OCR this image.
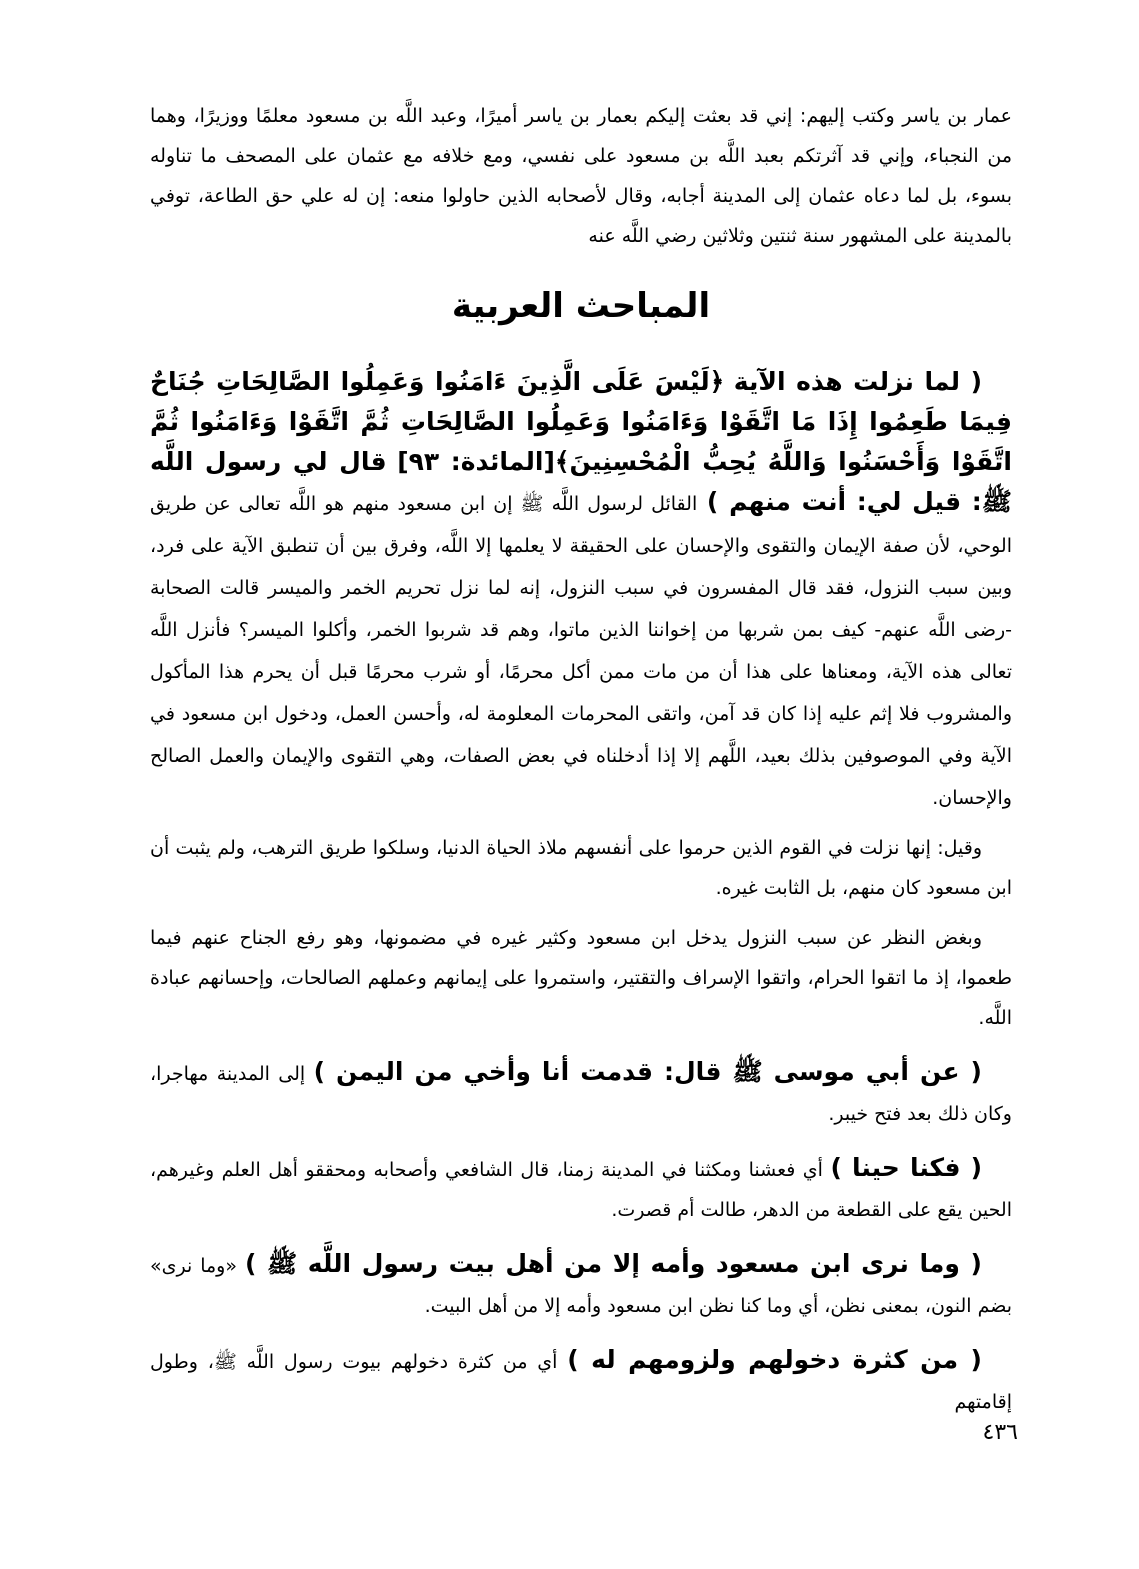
عمار بن ياسر وكتب إليهم: إني قد بعثت إليكم بعمار بن ياسر أميرًا، وعبد اللَّه بن مسعود معلمًا ووزيرًا، وهما من النجباء، وإني قد آثرتكم بعبد اللَّه بن مسعود على نفسي، ومع خلافه مع عثمان على المصحف ما تناوله بسوء، بل لما دعاه عثمان إلى المدينة أجابه، وقال لأصحابه الذين حاولوا منعه: إن له علي حق الطاعة، توفي بالمدينة على المشهور سنة ثنتين وثلاثين رضي اللَّه عنه

المباحث العربية

( لما نزلت هذه الآية ﴿لَيْسَ عَلَى الَّذِينَ ءَامَنُوا وَعَمِلُوا الصَّالِحَاتِ جُنَاحٌ فِيمَا طَعِمُوا إِذَا مَا اتَّقَوْا وَءَامَنُوا وَعَمِلُوا الصَّالِحَاتِ ثُمَّ اتَّقَوْا وَءَامَنُوا ثُمَّ اتَّقَوْا وَأَحْسَنُوا وَاللَّهُ يُحِبُّ الْمُحْسِنِينَ﴾[المائدة: ٩٣] قال لي رسول اللَّه ﷺ: قيل لي: أنت منهم ) القائل لرسول اللَّه ﷺ إن ابن مسعود منهم هو اللَّه تعالى عن طريق الوحي، لأن صفة الإيمان والتقوى والإحسان على الحقيقة لا يعلمها إلا اللَّه، وفرق بين أن تنطبق الآية على فرد، وبين سبب النزول، فقد قال المفسرون في سبب النزول، إنه لما نزل تحريم الخمر والميسر قالت الصحابة -رضى اللَّه عنهم- كيف بمن شربها من إخواننا الذين ماتوا، وهم قد شربوا الخمر، وأكلوا الميسر؟ فأنزل اللَّه تعالى هذه الآية، ومعناها على هذا أن من مات ممن أكل محرمًا، أو شرب محرمًا قبل أن يحرم هذا المأكول والمشروب فلا إثم عليه إذا كان قد آمن، واتقى المحرمات المعلومة له، وأحسن العمل، ودخول ابن مسعود في الآية وفي الموصوفين بذلك بعيد، اللَّهم إلا إذا أدخلناه في بعض الصفات، وهي التقوى والإيمان والعمل الصالح والإحسان.

وقيل: إنها نزلت في القوم الذين حرموا على أنفسهم ملاذ الحياة الدنيا، وسلكوا طريق الترهب، ولم يثبت أن ابن مسعود كان منهم، بل الثابت غيره.

وبغض النظر عن سبب النزول يدخل ابن مسعود وكثير غيره في مضمونها، وهو رفع الجناح عنهم فيما طعموا، إذ ما اتقوا الحرام، واتقوا الإسراف والتقتير، واستمروا على إيمانهم وعملهم الصالحات، وإحسانهم عبادة اللَّه.

( عن أبي موسى ﷺ قال: قدمت أنا وأخي من اليمن ) إلى المدينة مهاجرا، وكان ذلك بعد فتح خيبر.

( فكنا حينا ) أي فعشنا ومكثنا في المدينة زمنا، قال الشافعي وأصحابه ومحققو أهل العلم وغيرهم، الحين يقع على القطعة من الدهر، طالت أم قصرت.

( وما نرى ابن مسعود وأمه إلا من أهل بيت رسول اللَّه ﷺ ) «وما نرى» بضم النون، بمعنى نظن، أي وما كنا نظن ابن مسعود وأمه إلا من أهل البيت.

( من كثرة دخولهم ولزومهم له ) أي من كثرة دخولهم بيوت رسول اللَّه ﷺ، وطول إقامتهم

٤٣٦
